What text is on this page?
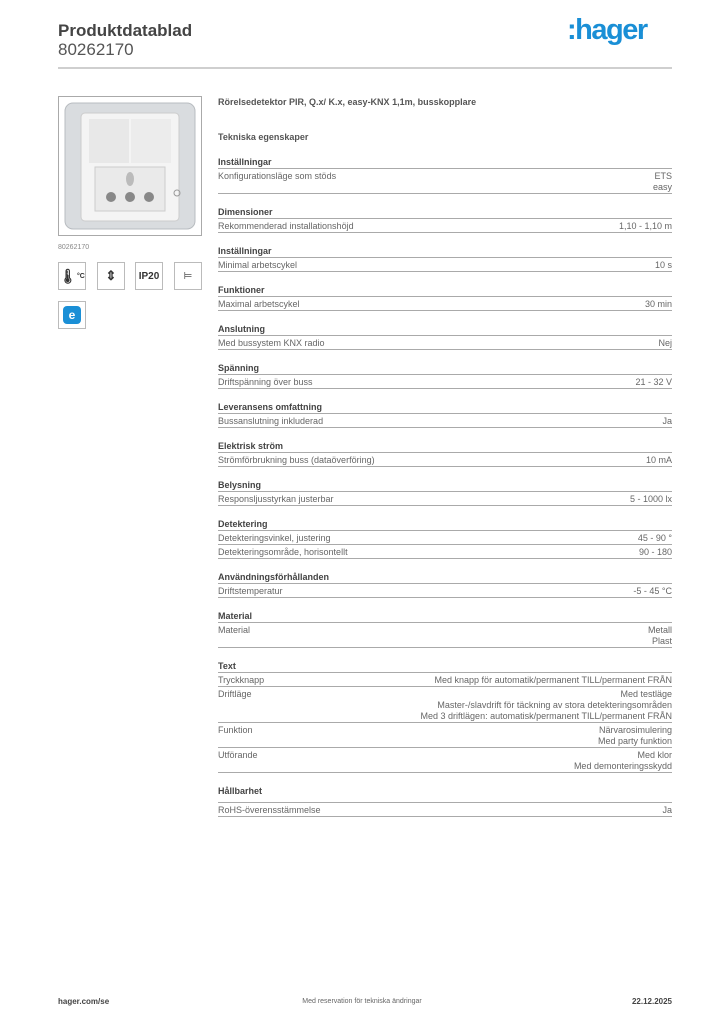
Produktdatablad
80262170
:hager
80262170
🌡 °C ⇕	IP20	⊨
e
Rörelsedetektor PIR, Q.x/ K.x, easy-KNX 1,1m, busskopplare
Tekniska egenskaper
Inställningar
Konfigurationsläge som stöds	ETS
easy
Dimensioner
Rekommenderad installationshöjd	1,10 - 1,10 m
Inställningar
Minimal arbetscykel	10 s
Funktioner
Maximal arbetscykel	30 min
Anslutning
Med bussystem KNX radio	Nej
Spänning
Driftspänning över buss	21 - 32 V
Leveransens omfattning
Bussanslutning inkluderad	Ja
Elektrisk ström
Strömförbrukning buss (dataöverföring)	10 mA
Belysning
Responsljusstyrkan justerbar	5 - 1000 lx
Detektering
Detekteringsvinkel, justering	45 - 90 °
Detekteringsområde, horisontellt	90 - 180
Användningsförhållanden
Driftstemperatur	-5 - 45 °C
Material
Material	Metall
Plast
Text
Tryckknapp	Med knapp för automatik/permanent TILL/permanent FRÅN
Driftläge	Med testläge
Master-/slavdrift för täckning av stora detekteringsområden
Med 3 driftlägen: automatisk/permanent TILL/permanent FRÅN
Funktion	Närvarosimulering
Med party funktion
Utförande	Med klor
Med demonteringsskydd
Hållbarhet
RoHS-överensstämmelse	Ja
hager.com/se	Med reservation för tekniska ändringar	22.12.2025
